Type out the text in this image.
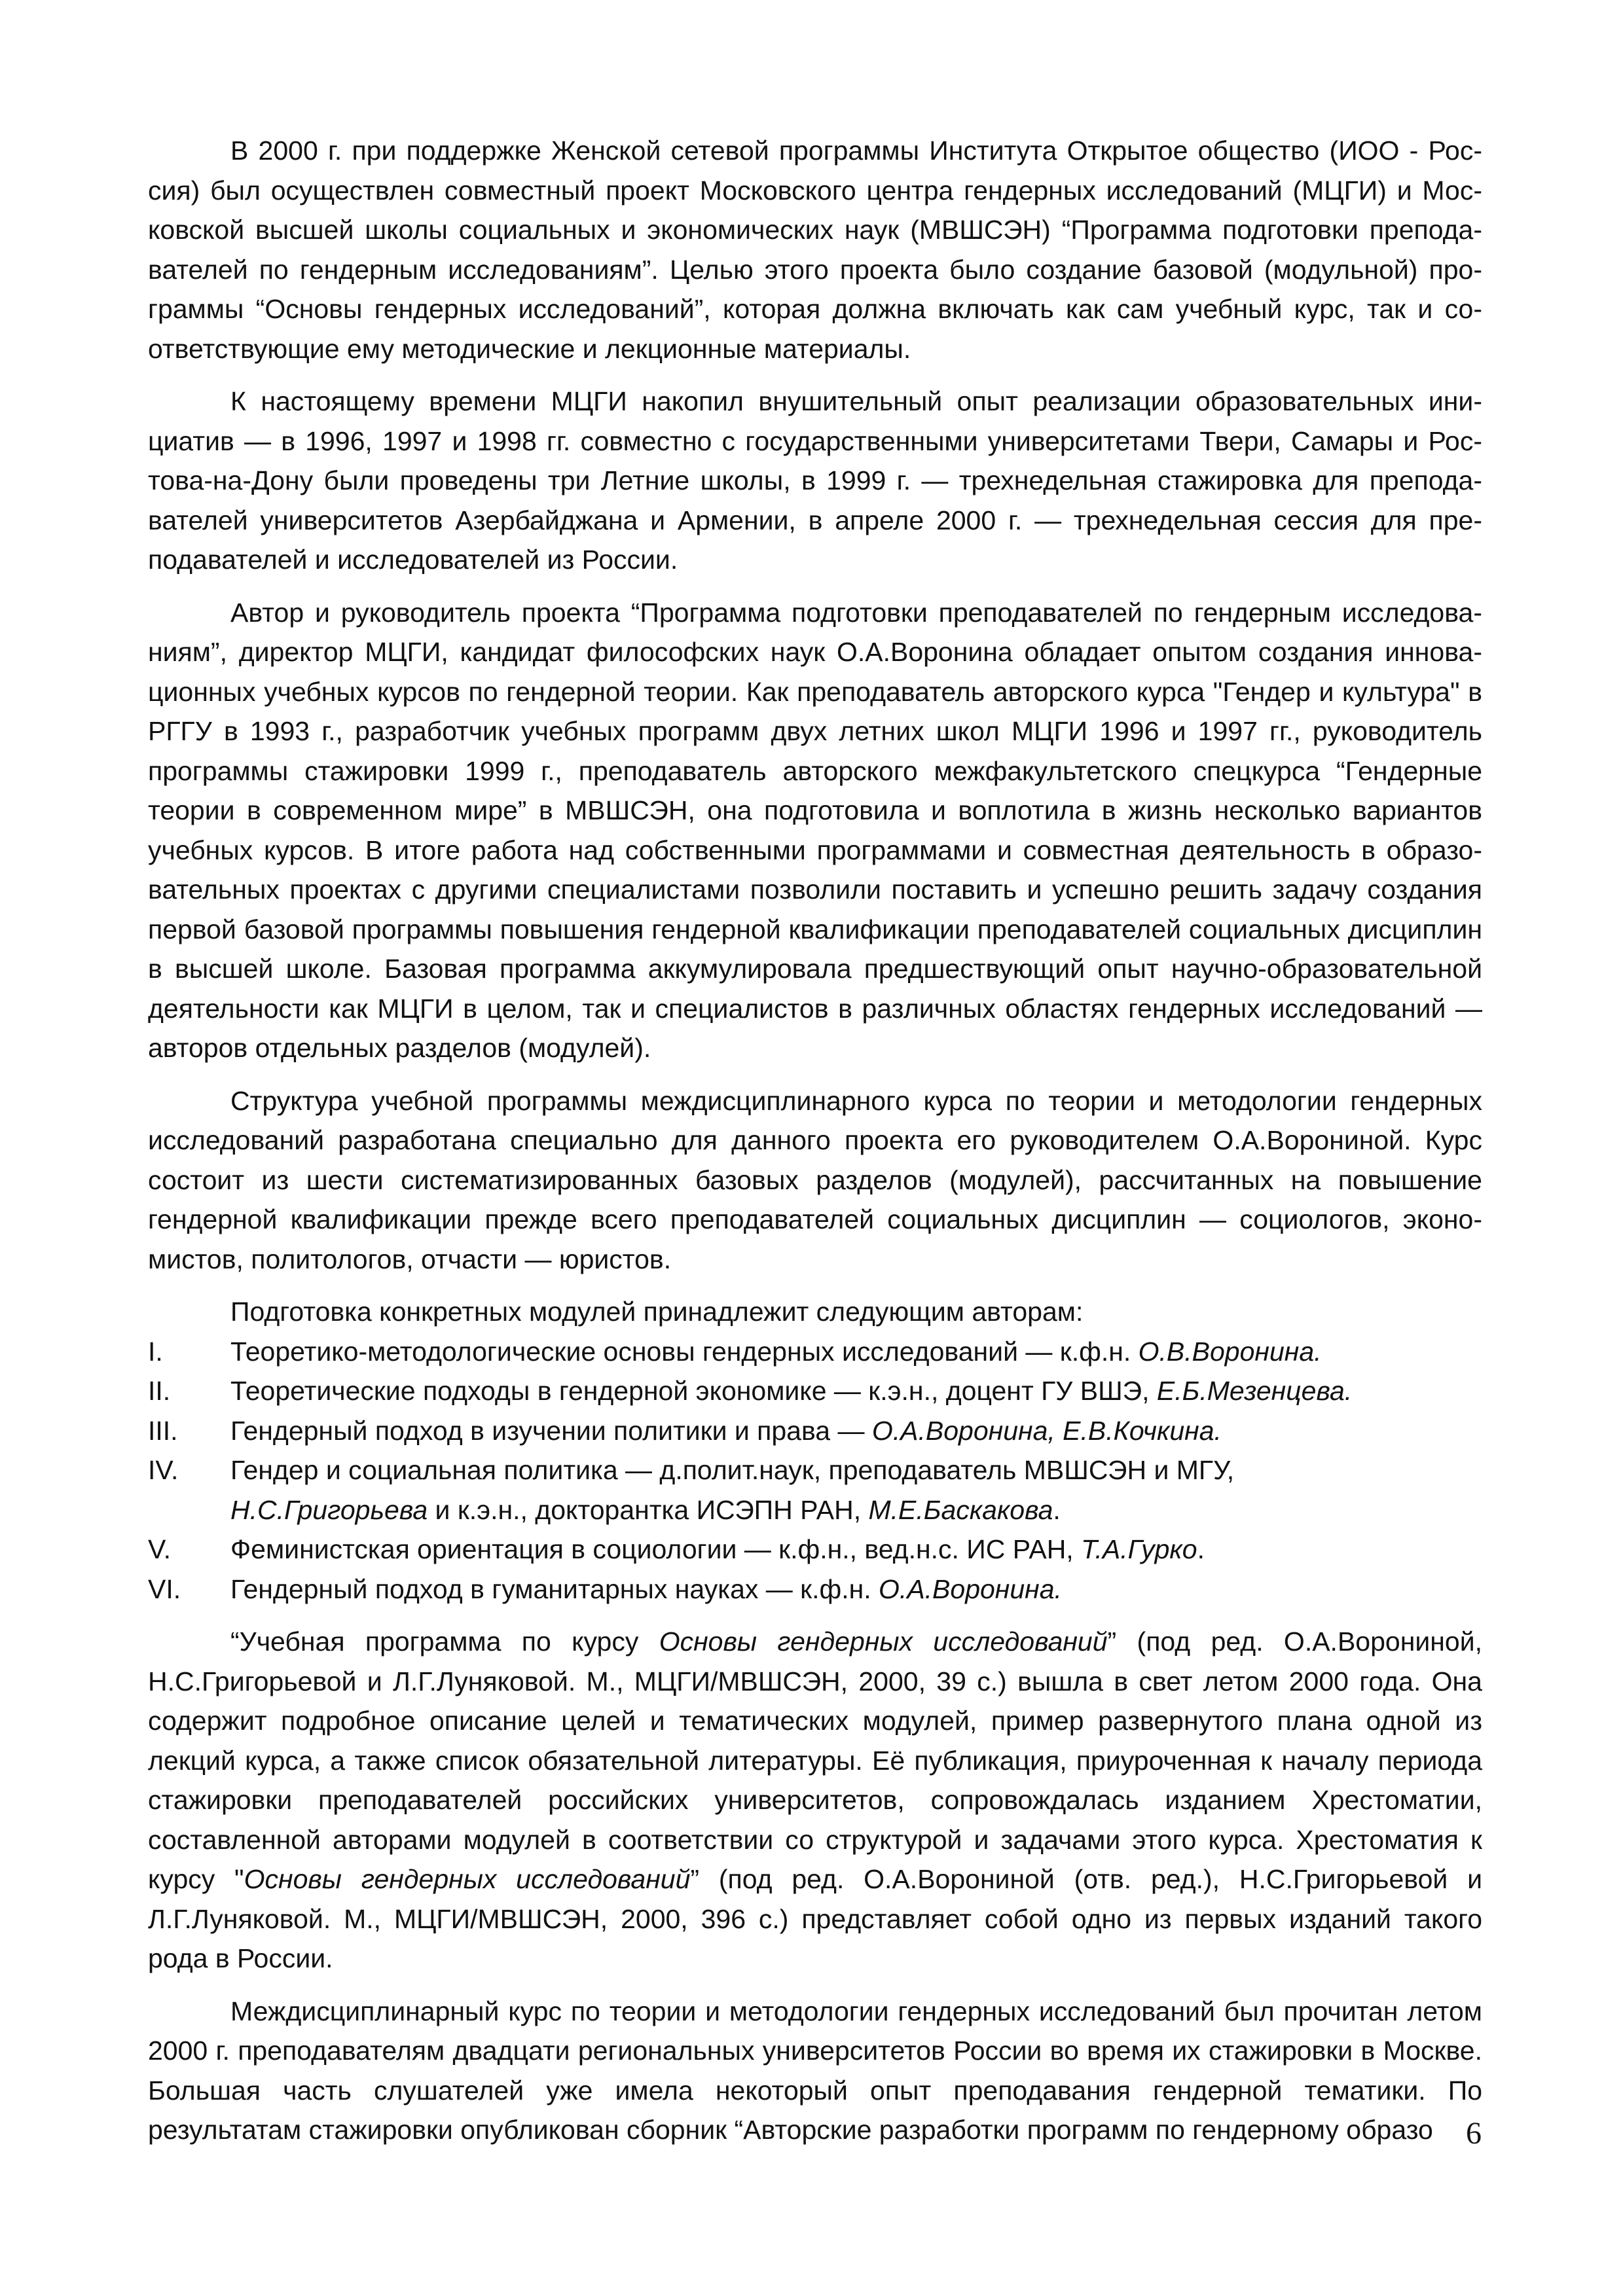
В 2000 г. при поддержке Женской сетевой программы Института Открытое общество (ИОО - Россия) был осуществлен совместный проект Московского центра гендерных исследований (МЦГИ) и Московской высшей школы социальных и экономических наук (МВШСЭН) “Программа подготовки преподавателей по гендерным исследованиям”. Целью этого проекта было создание базовой (модульной) программы “Основы гендерных исследований”, которая должна включать как сам учебный курс, так и соответствующие ему методические и лекционные материалы.

К настоящему времени МЦГИ накопил внушительный опыт реализации образовательных инициатив — в 1996, 1997 и 1998 гг. совместно с государственными университетами Твери, Самары и Ростова-на-Дону были проведены три Летние школы, в 1999 г. — трехнедельная стажировка для преподавателей университетов Азербайджана и Армении, в апреле 2000 г. — трехнедельная сессия для преподавателей и исследователей из России.

Автор и руководитель проекта “Программа подготовки преподавателей по гендерным исследованиям”, директор МЦГИ, кандидат философских наук О.А.Воронина обладает опытом создания инновационных учебных курсов по гендерной теории. Как преподаватель авторского курса "Гендер и культура" в РГГУ в 1993 г., разработчик учебных программ двух летних школ МЦГИ 1996 и 1997 гг., руководитель программы стажировки 1999 г., преподаватель авторского межфакультетского спецкурса “Гендерные теории в современном мире” в МВШСЭН, она подготовила и воплотила в жизнь несколько вариантов учебных курсов. В итоге работа над собственными программами и совместная деятельность в образовательных проектах с другими специалистами позволили поставить и успешно решить задачу создания первой базовой программы повышения гендерной квалификации преподавателей социальных дисциплин в высшей школе. Базовая программа аккумулировала предшествующий опыт научно-образовательной деятельности как МЦГИ в целом, так и специалистов в различных областях гендерных исследований — авторов отдельных разделов (модулей).

Структура учебной программы междисциплинарного курса по теории и методологии гендерных исследований разработана специально для данного проекта его руководителем О.А.Ворониной. Курс состоит из шести систематизированных базовых разделов (модулей), рассчитанных на повышение гендерной квалификации прежде всего преподавателей социальных дисциплин — социологов, экономистов, политологов, отчасти — юристов.

Подготовка конкретных модулей принадлежит следующим авторам:

I.	Теоретико-методологические основы гендерных исследований — к.ф.н. О.В.Воронина.
II.	Теоретические подходы в гендерной экономике — к.э.н., доцент ГУ ВШЭ, Е.Б.Мезенцева.
III.	Гендерный подход в изучении политики и права — О.А.Воронина, Е.В.Кочкина.
IV.	Гендер и социальная политика — д.полит.наук, преподаватель МВШСЭН и МГУ,
Н.С.Григорьева и к.э.н., докторантка ИСЭПН РАН, М.Е.Баскакова.
V.	Феминистская ориентация в социологии — к.ф.н., вед.н.с. ИС РАН, Т.А.Гурко.
VI.	Гендерный подход в гуманитарных науках — к.ф.н. О.А.Воронина.

“Учебная программа по курсу Основы гендерных исследований” (под ред. О.А.Ворониной, Н.С.Григорьевой и Л.Г.Луняковой. М., МЦГИ/МВШСЭН, 2000, 39 с.) вышла в свет летом 2000 года. Она содержит подробное описание целей и тематических модулей, пример развернутого плана одной из лекций курса, а также список обязательной литературы. Её публикация, приуроченная к началу периода стажировки преподавателей российских университетов, сопровождалась изданием Хрестоматии, составленной авторами модулей в соответствии со структурой и задачами этого курса. Хрестоматия к курсу "Основы гендерных исследований” (под ред. О.А.Ворониной (отв. ред.), Н.С.Григорьевой и Л.Г.Луняковой. М., МЦГИ/МВШСЭН, 2000, 396 с.) представляет собой одно из первых изданий такого рода в России.

Междисциплинарный курс по теории и методологии гендерных исследований был прочитан летом 2000 г. преподавателям двадцати региональных университетов России во время их стажировки в Москве. Большая часть слушателей уже имела некоторый опыт преподавания гендерной тематики. По результатам стажировки опубликован сборник “Авторские разработки программ по гендерному образо	6
